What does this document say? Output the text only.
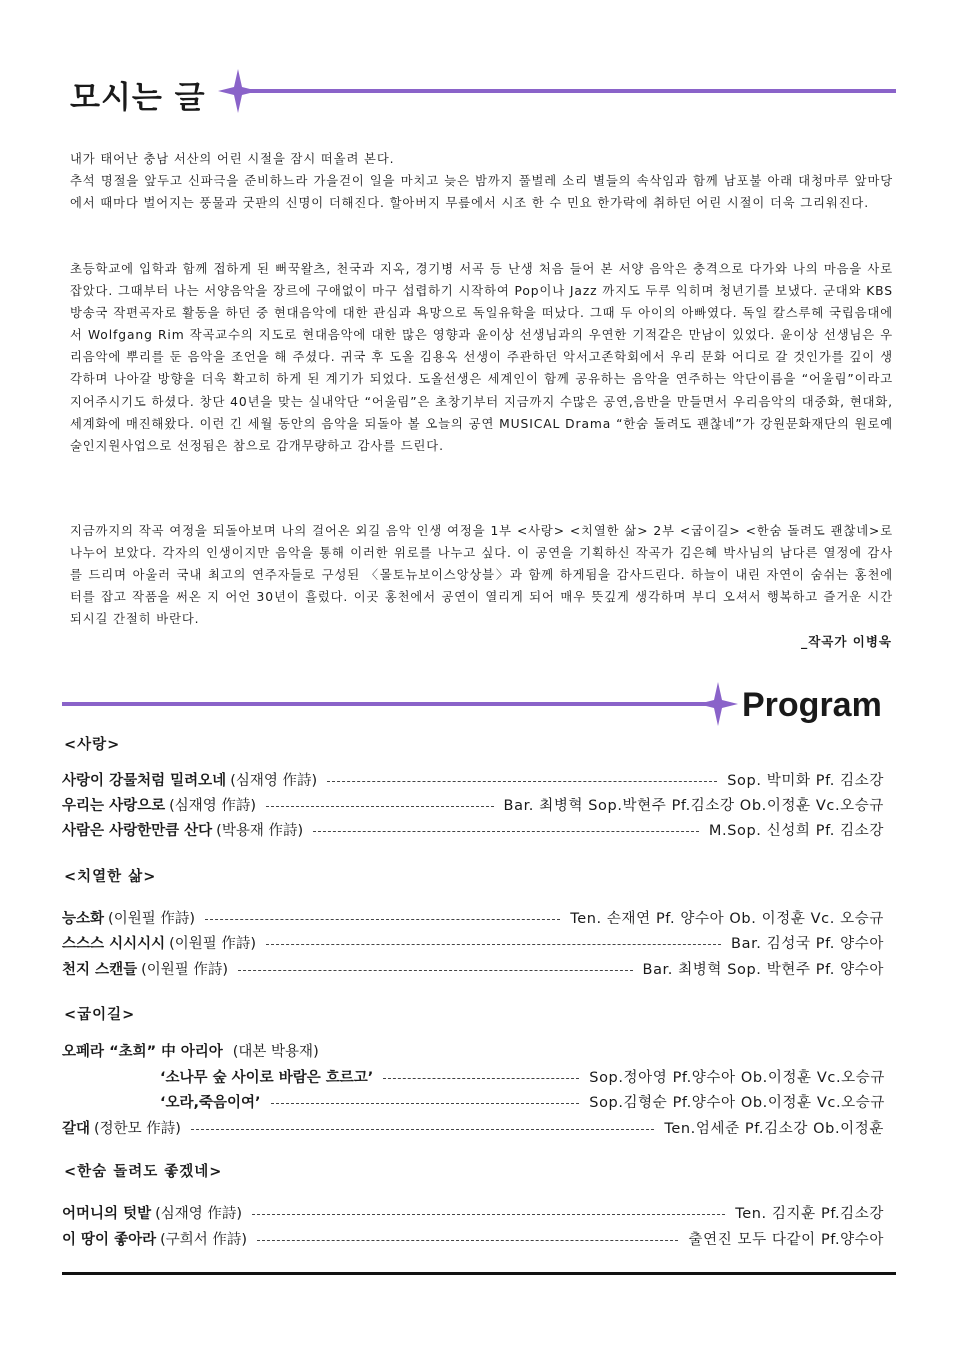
모시는 글

내가 태어난 충남 서산의 어린 시절을 잠시 떠올려 본다.

추석 명절을 앞두고 신파극을 준비하느라 가을걷이 일을 마치고 늦은 밤까지 풀벌레 소리 별들의 속삭임과 함께 남포불 아래 대청마루 앞마당에서 때마다 벌어지는 풍물과 굿판의 신명이 더해진다. 할아버지 무릎에서 시조 한 수 민요 한가락에 취하던 어린 시절이 더욱 그리워진다.

초등학교에 입학과 함께 접하게 된 뻐꾹왈츠, 천국과 지옥, 경기병 서곡 등 난생 처음 들어 본 서양 음악은 충격으로 다가와 나의 마음을 사로잡았다. 그때부터 나는 서양음악을 장르에 구애없이 마구 섭렵하기 시작하여 Pop이나 Jazz 까지도 두루 익히며 청년기를 보냈다. 군대와 KBS 방송국 작편곡자로 활동을 하던 중 현대음악에 대한 관심과 욕망으로 독일유학을 떠났다. 그때 두 아이의 아빠였다. 독일 칼스루헤 국립음대에서 Wolfgang Rim 작곡교수의 지도로 현대음악에 대한 많은 영향과 윤이상 선생님과의 우연한 기적같은 만남이 있었다. 윤이상 선생님은 우리음악에 뿌리를 둔 음악을 조언을 해 주셨다. 귀국 후 도올 김용옥 선생이 주관하던 악서고존학회에서 우리 문화 어디로 갈 것인가를 깊이 생각하며 나아갈 방향을 더욱 확고히 하게 된 계기가 되었다. 도올선생은 세계인이 함께 공유하는 음악을 연주하는 악단이름을 “어울림”이라고 지어주시기도 하셨다. 창단 40년을 맞는 실내악단 “어울림”은 초창기부터 지금까지 수많은 공연,음반을 만들면서 우리음악의 대중화, 현대화, 세계화에 매진해왔다. 이런 긴 세월 동안의 음악을 되돌아 볼 오늘의 공연 MUSICAL Drama “한숨 돌려도 괜찮네”가 강원문화재단의 원로예술인지원사업으로 선정됨은 참으로 감개무량하고 감사를 드린다.

지금까지의 작곡 여정을 되돌아보며 나의 걸어온 외길 음악 인생 여정을 1부 <사랑> <치열한 삶> 2부 <굽이길> <한숨 돌려도 괜찮네>로 나누어 보았다. 각자의 인생이지만 음악을 통해 이러한 위로를 나누고 싶다. 이 공연을 기획하신 작곡가 김은혜 박사님의 남다른 열정에 감사를 드리며 아울러 국내 최고의 연주자들로 구성된 〈몰토뉴보이스앙상블〉과 함께 하게됨을 감사드린다. 하늘이 내린 자연이 숨쉬는 홍천에 터를 잡고 작품을 써온 지 어언 30년이 흘렀다. 이곳 홍천에서 공연이 열리게 되어 매우 뜻깊게 생각하며 부디 오셔서 행복하고 즐거운 시간 되시길 간절히 바란다.

_작곡가 이병욱
Program
<사랑>
사랑이 강물처럼 밀려오네 (심재영 作詩)	Sop. 박미화 Pf. 김소강
우리는 사랑으로 (심재영 作詩)	Bar. 최병혁 Sop.박현주 Pf.김소강 Ob.이정훈 Vc.오승규
사람은 사랑한만큼 산다 (박용재 作詩)	M.Sop. 신성희 Pf. 김소강
<치열한 삶>
능소화 (이원필 作詩)	Ten. 손재연 Pf. 양수아 Ob. 이정훈 Vc. 오승규
스스스 시시시시 (이원필 作詩)	Bar. 김성국 Pf. 양수아
천지 스캔들 (이원필 作詩)	Bar. 최병혁 Sop. 박현주 Pf. 양수아
<굽이길>
오페라 “초희” 中 아리아 (대본 박용재)
‘소나무 숲 사이로 바람은 흐르고’	Sop.정아영 Pf.양수아 Ob.이정훈 Vc.오승규
‘오라,죽음이여’	Sop.김형순 Pf.양수아 Ob.이정훈 Vc.오승규
갈대 (정한모 作詩)	Ten.엄세준 Pf.김소강 Ob.이정훈
<한숨 돌려도 좋겠네>
어머니의 텃밭 (심재영 作詩)	Ten. 김지훈 Pf.김소강
이 땅이 좋아라 (구희서 作詩)	출연진 모두 다같이 Pf.양수아
